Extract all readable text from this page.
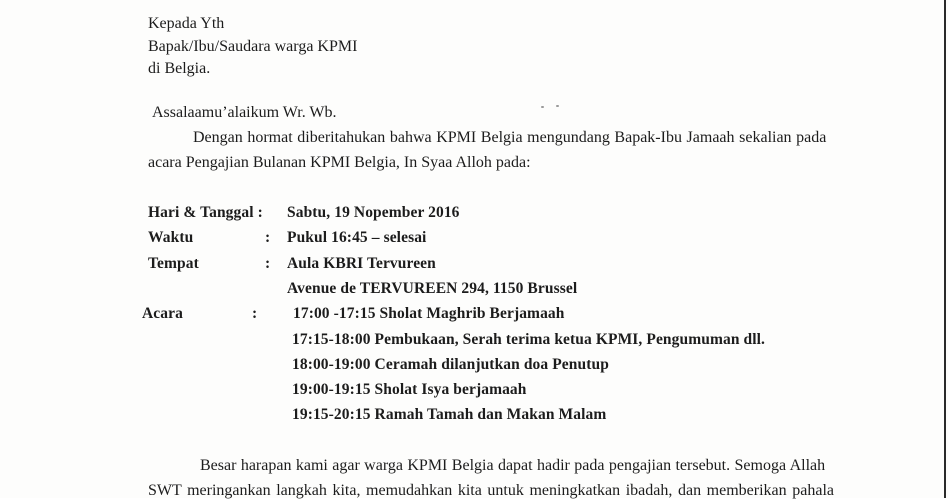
Kepada Yth
Bapak/Ibu/Saudara warga KPMI
di Belgia.
Assalaamu’alaikum Wr. Wb.
Dengan hormat diberitahukan bahwa KPMI Belgia mengundang Bapak-Ibu Jamaah sekalian pada
acara Pengajian Bulanan KPMI Belgia, In Syaa Alloh pada:
Hari & Tanggal : Sabtu, 19 Nopember 2016
Waktu	: Pukul 16:45 – selesai
Tempat	: Aula KBRI Tervureen
Avenue de TERVUREEN 294, 1150 Brussel
Acara	: 17:00 -17:15 Sholat Maghrib Berjamaah
17:15-18:00 Pembukaan, Serah terima ketua KPMI, Pengumuman dll.
18:00-19:00 Ceramah dilanjutkan doa Penutup
19:00-19:15 Sholat Isya berjamaah
19:15-20:15 Ramah Tamah dan Makan Malam
Besar harapan kami agar warga KPMI Belgia dapat hadir pada pengajian tersebut. Semoga Allah
SWT meringankan langkah kita, memudahkan kita untuk meningkatkan ibadah, dan memberikan pahala
